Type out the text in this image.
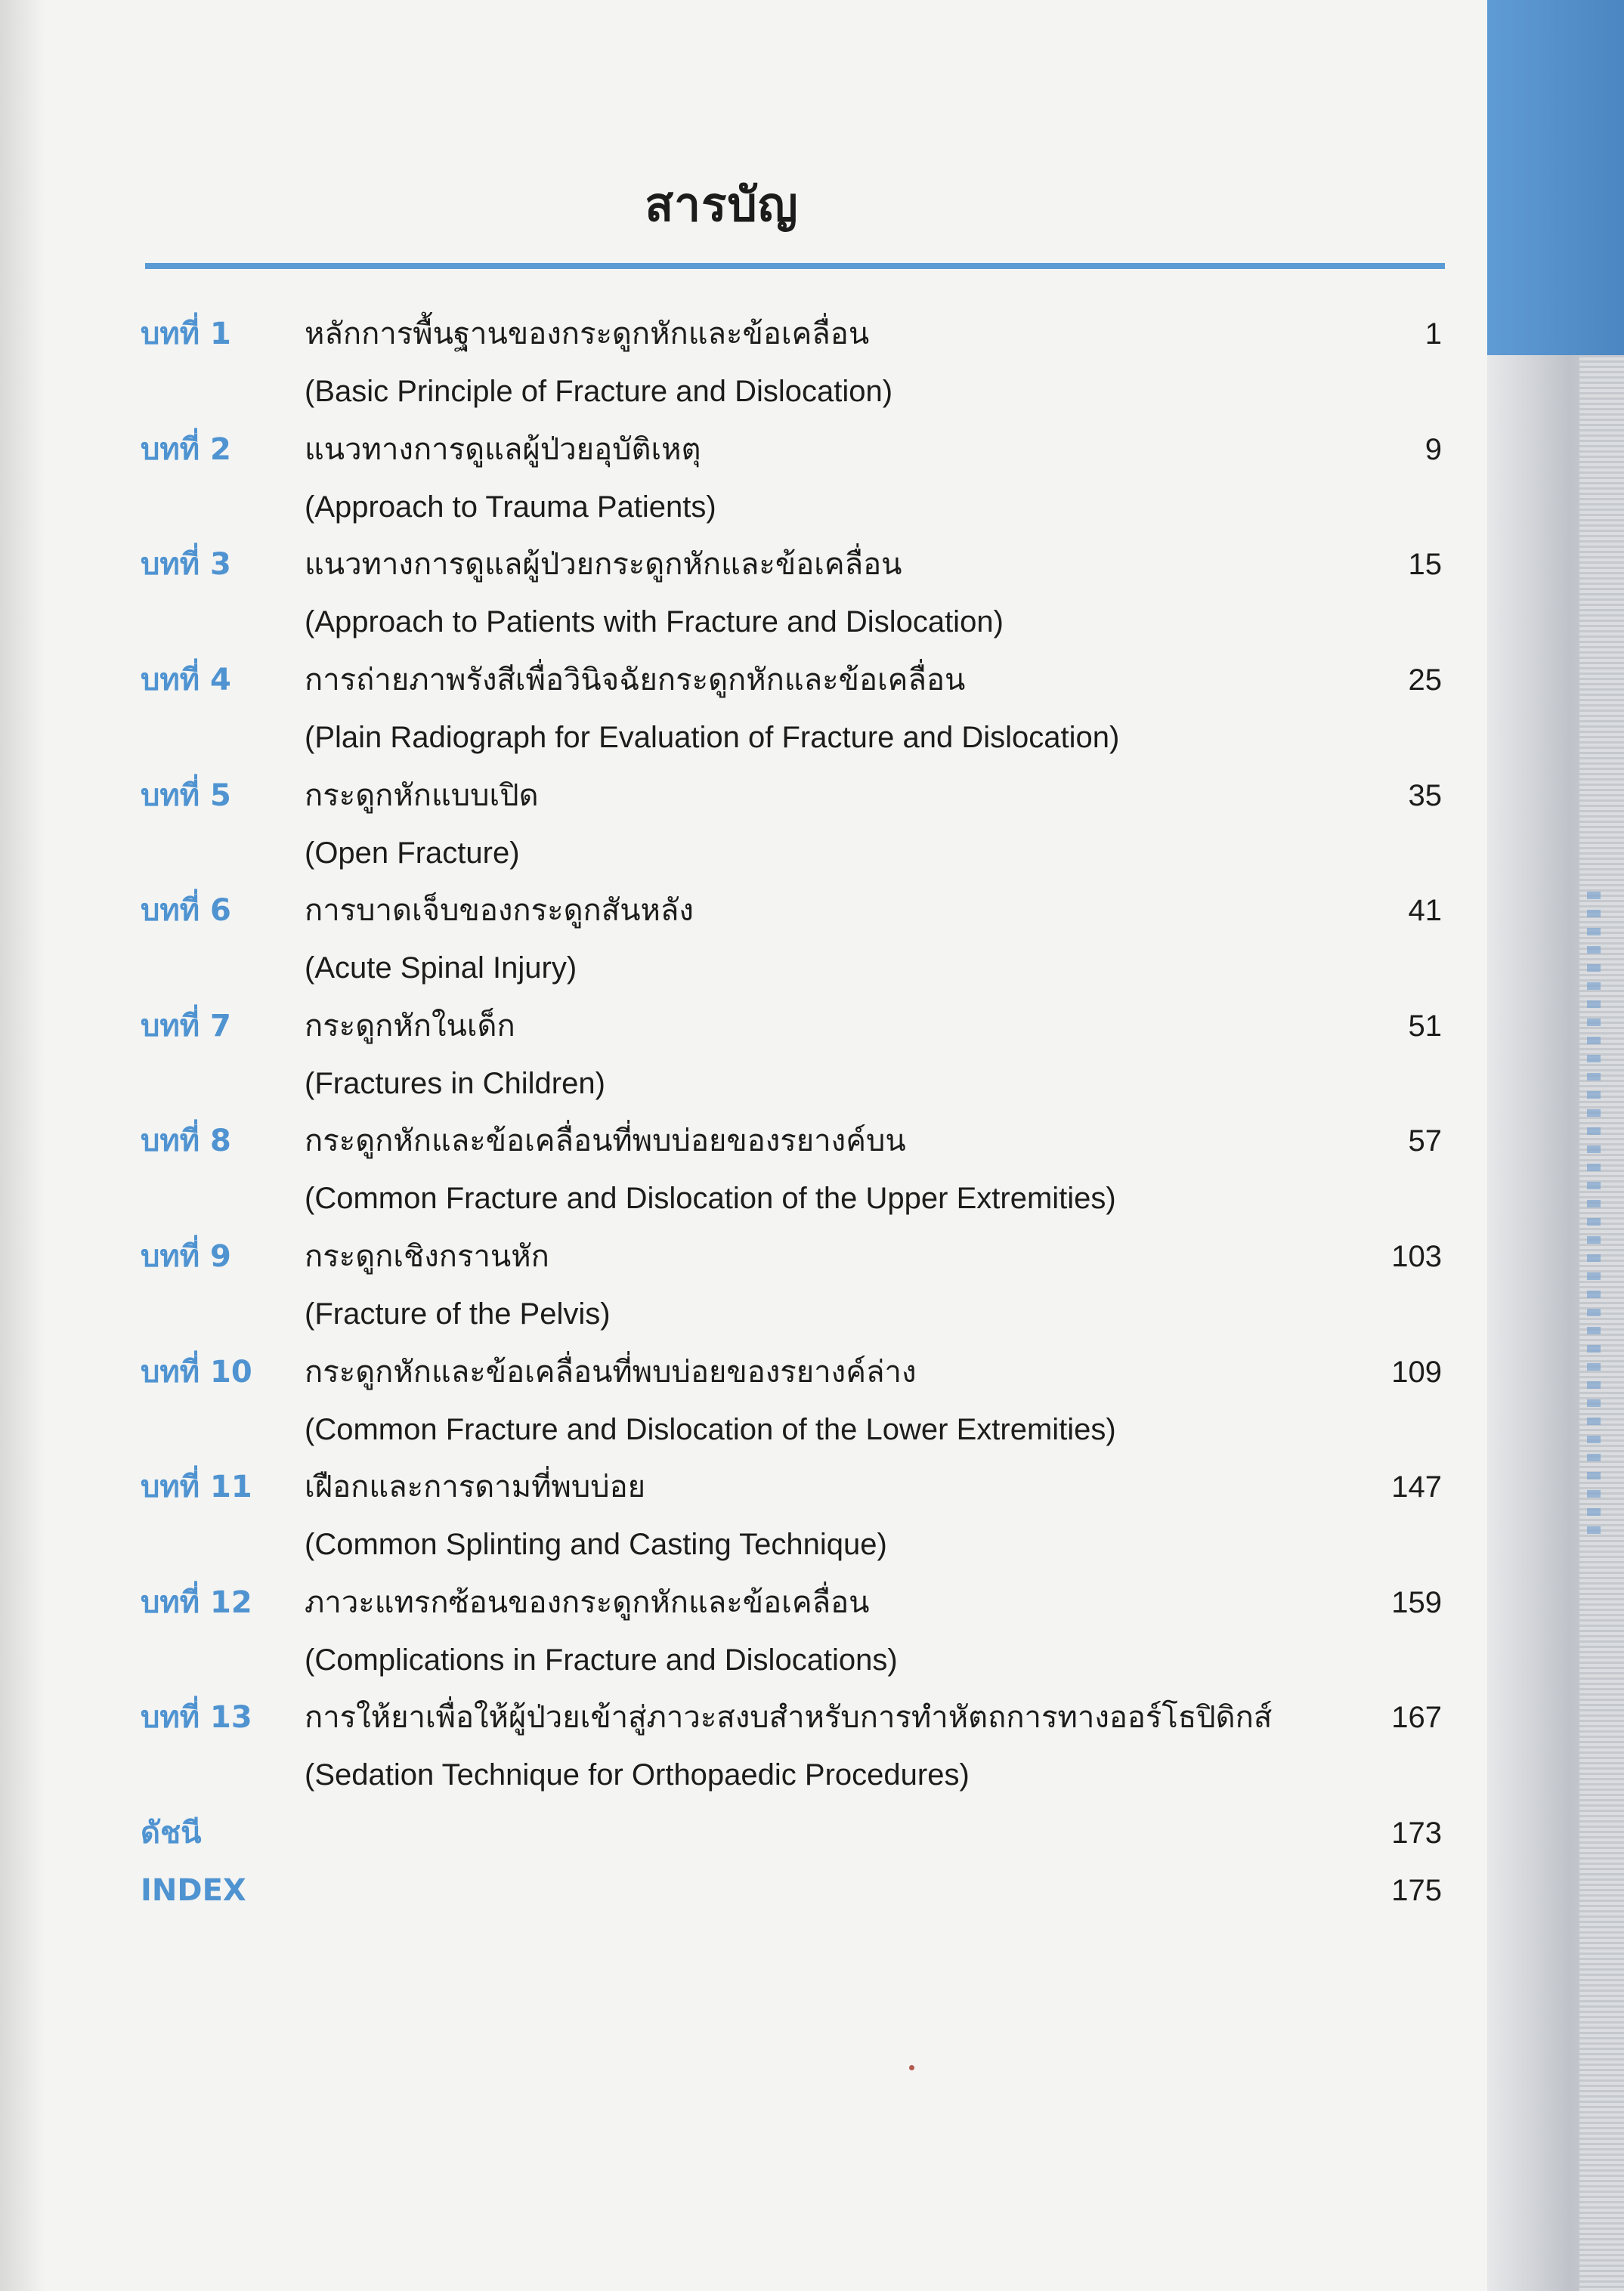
สารบัญ
บทที่ 1 หลักการพื้นฐานของกระดูกหักและข้อเคลื่อน
(Basic Principle of Fracture and Dislocation)
1
บทที่ 2 แนวทางการดูแลผู้ป่วยอุบัติเหตุ
(Approach to Trauma Patients)
9
บทที่ 3 แนวทางการดูแลผู้ป่วยกระดูกหักและข้อเคลื่อน
(Approach to Patients with Fracture and Dislocation)
15
บทที่ 4 การถ่ายภาพรังสีเพื่อวินิจฉัยกระดูกหักและข้อเคลื่อน
(Plain Radiograph for Evaluation of Fracture and Dislocation)
25
บทที่ 5 กระดูกหักแบบเปิด
(Open Fracture)
35
บทที่ 6 การบาดเจ็บของกระดูกสันหลัง
(Acute Spinal Injury)
41
บทที่ 7 กระดูกหักในเด็ก
(Fractures in Children)
51
บทที่ 8 กระดูกหักและข้อเคลื่อนที่พบบ่อยของรยางค์บน
(Common Fracture and Dislocation of the Upper Extremities)
57
บทที่ 9 กระดูกเชิงกรานหัก
(Fracture of the Pelvis)
103
บทที่ 10 กระดูกหักและข้อเคลื่อนที่พบบ่อยของรยางค์ล่าง
(Common Fracture and Dislocation of the Lower Extremities)
109
บทที่ 11 เฝือกและการดามที่พบบ่อย
(Common Splinting and Casting Technique)
147
บทที่ 12 ภาวะแทรกซ้อนของกระดูกหักและข้อเคลื่อน
(Complications in Fracture and Dislocations)
159
บทที่ 13 การให้ยาเพื่อให้ผู้ป่วยเข้าสู่ภาวะสงบสำหรับการทำหัตถการทางออร์โธปิดิกส์
(Sedation Technique for Orthopaedic Procedures)
167
ดัชนี	173
INDEX	175
